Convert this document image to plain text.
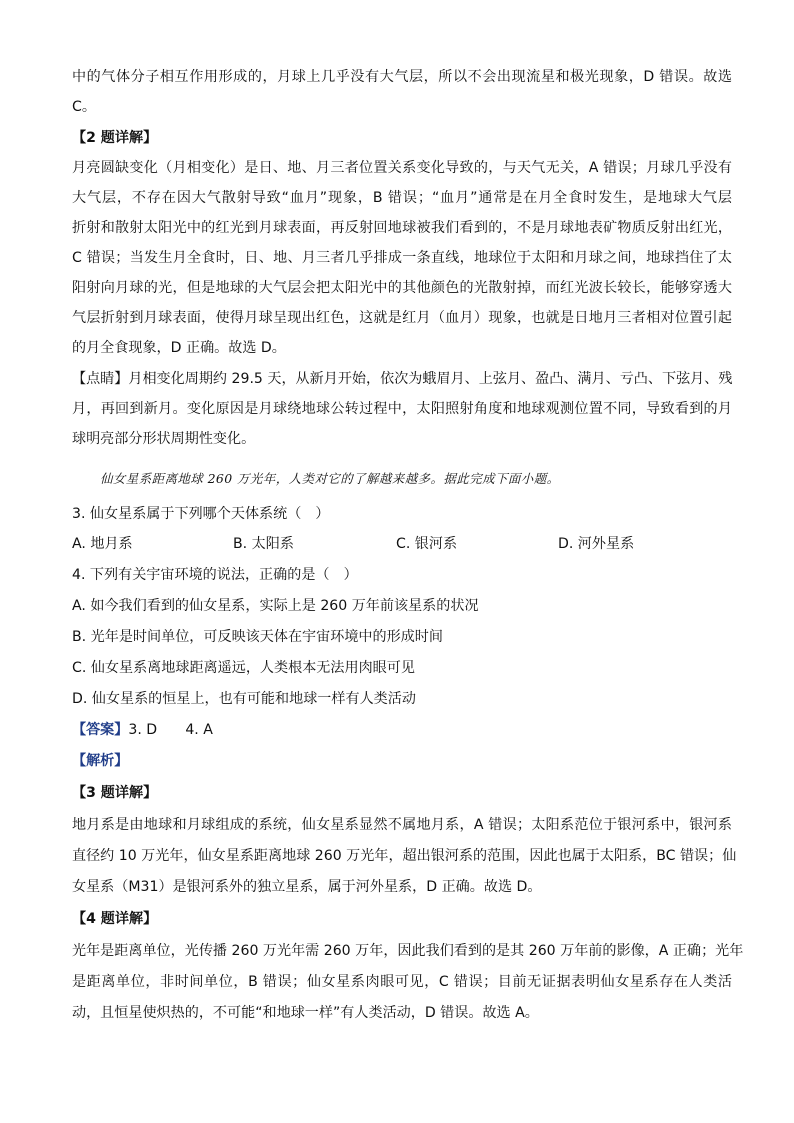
中的气体分子相互作用形成的，月球上几乎没有大气层，所以不会出现流星和极光现象，D 错误。故选
C。
【2 题详解】
月亮圆缺变化（月相变化）是日、地、月三者位置关系变化导致的，与天气无关，A 错误；月球几乎没有
大气层，不存在因大气散射导致“血月”现象，B 错误；“血月”通常是在月全食时发生，是地球大气层
折射和散射太阳光中的红光到月球表面，再反射回地球被我们看到的，不是月球地表矿物质反射出红光，
C 错误；当发生月全食时，日、地、月三者几乎排成一条直线，地球位于太阳和月球之间，地球挡住了太
阳射向月球的光，但是地球的大气层会把太阳光中的其他颜色的光散射掉，而红光波长较长，能够穿透大
气层折射到月球表面，使得月球呈现出红色，这就是红月（血月）现象，也就是日地月三者相对位置引起
的月全食现象，D 正确。故选 D。
【点睛】月相变化周期约 29.5 天，从新月开始，依次为蛾眉月、上弦月、盈凸、满月、亏凸、下弦月、残
月，再回到新月。变化原因是月球绕地球公转过程中，太阳照射角度和地球观测位置不同，导致看到的月
球明亮部分形状周期性变化。
仙女星系距离地球 260 万光年，人类对它的了解越来越多。据此完成下面小题。
3. 仙女星系属于下列哪个天体系统（　）
A. 地月系	B. 太阳系	C. 银河系	D. 河外星系
4. 下列有关宇宙环境的说法，正确的是（　）
A. 如今我们看到的仙女星系，实际上是 260 万年前该星系的状况
B. 光年是时间单位，可反映该天体在宇宙环境中的形成时间
C. 仙女星系离地球距离遥远，人类根本无法用肉眼可见
D. 仙女星系的恒星上，也有可能和地球一样有人类活动
【答案】3. D　　4. A
【解析】
【3 题详解】
地月系是由地球和月球组成的系统，仙女星系显然不属地月系，A 错误；太阳系范位于银河系中，银河系
直径约 10 万光年，仙女星系距离地球 260 万光年，超出银河系的范围，因此也属于太阳系，BC 错误；仙
女星系（M31）是银河系外的独立星系，属于河外星系，D 正确。故选 D。
【4 题详解】
光年是距离单位，光传播 260 万光年需 260 万年，因此我们看到的是其 260 万年前的影像，A 正确；光年
是距离单位，非时间单位，B 错误；仙女星系肉眼可见，C 错误；目前无证据表明仙女星系存在人类活
动，且恒星使炽热的，不可能“和地球一样”有人类活动，D 错误。故选 A。
